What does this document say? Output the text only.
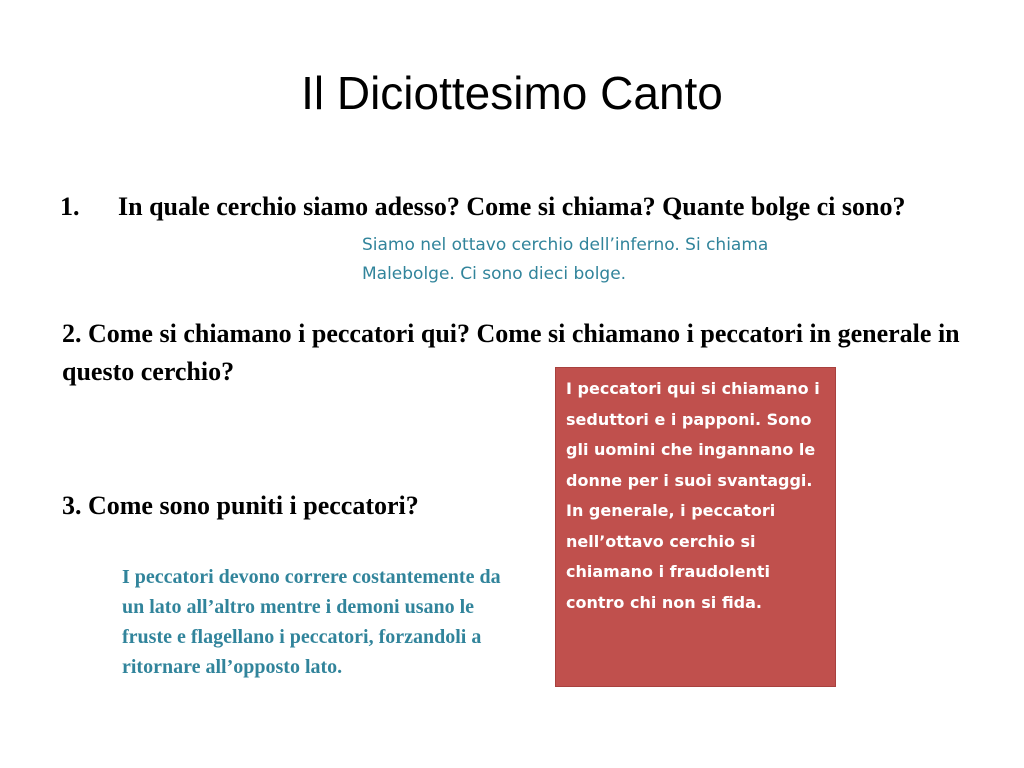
Il Diciottesimo Canto

1. In quale cerchio siamo adesso? Come si chiama? Quante bolge ci sono?

Siamo nel ottavo cerchio dell’inferno. Si chiama Malebolge. Ci sono dieci bolge.

2. Come si chiamano i peccatori qui? Come si chiamano i peccatori in generale in questo cerchio?

I peccatori qui si chiamano i seduttori e i papponi. Sono gli uomini che ingannano le donne per i suoi svantaggi. In generale, i peccatori nell’ottavo cerchio si chiamano i fraudolenti contro chi non si fida.

3. Come sono puniti i peccatori?

I peccatori devono correre costantemente da un lato all’altro mentre i demoni usano le fruste e flagellano i peccatori, forzandoli a ritornare all’opposto lato.
